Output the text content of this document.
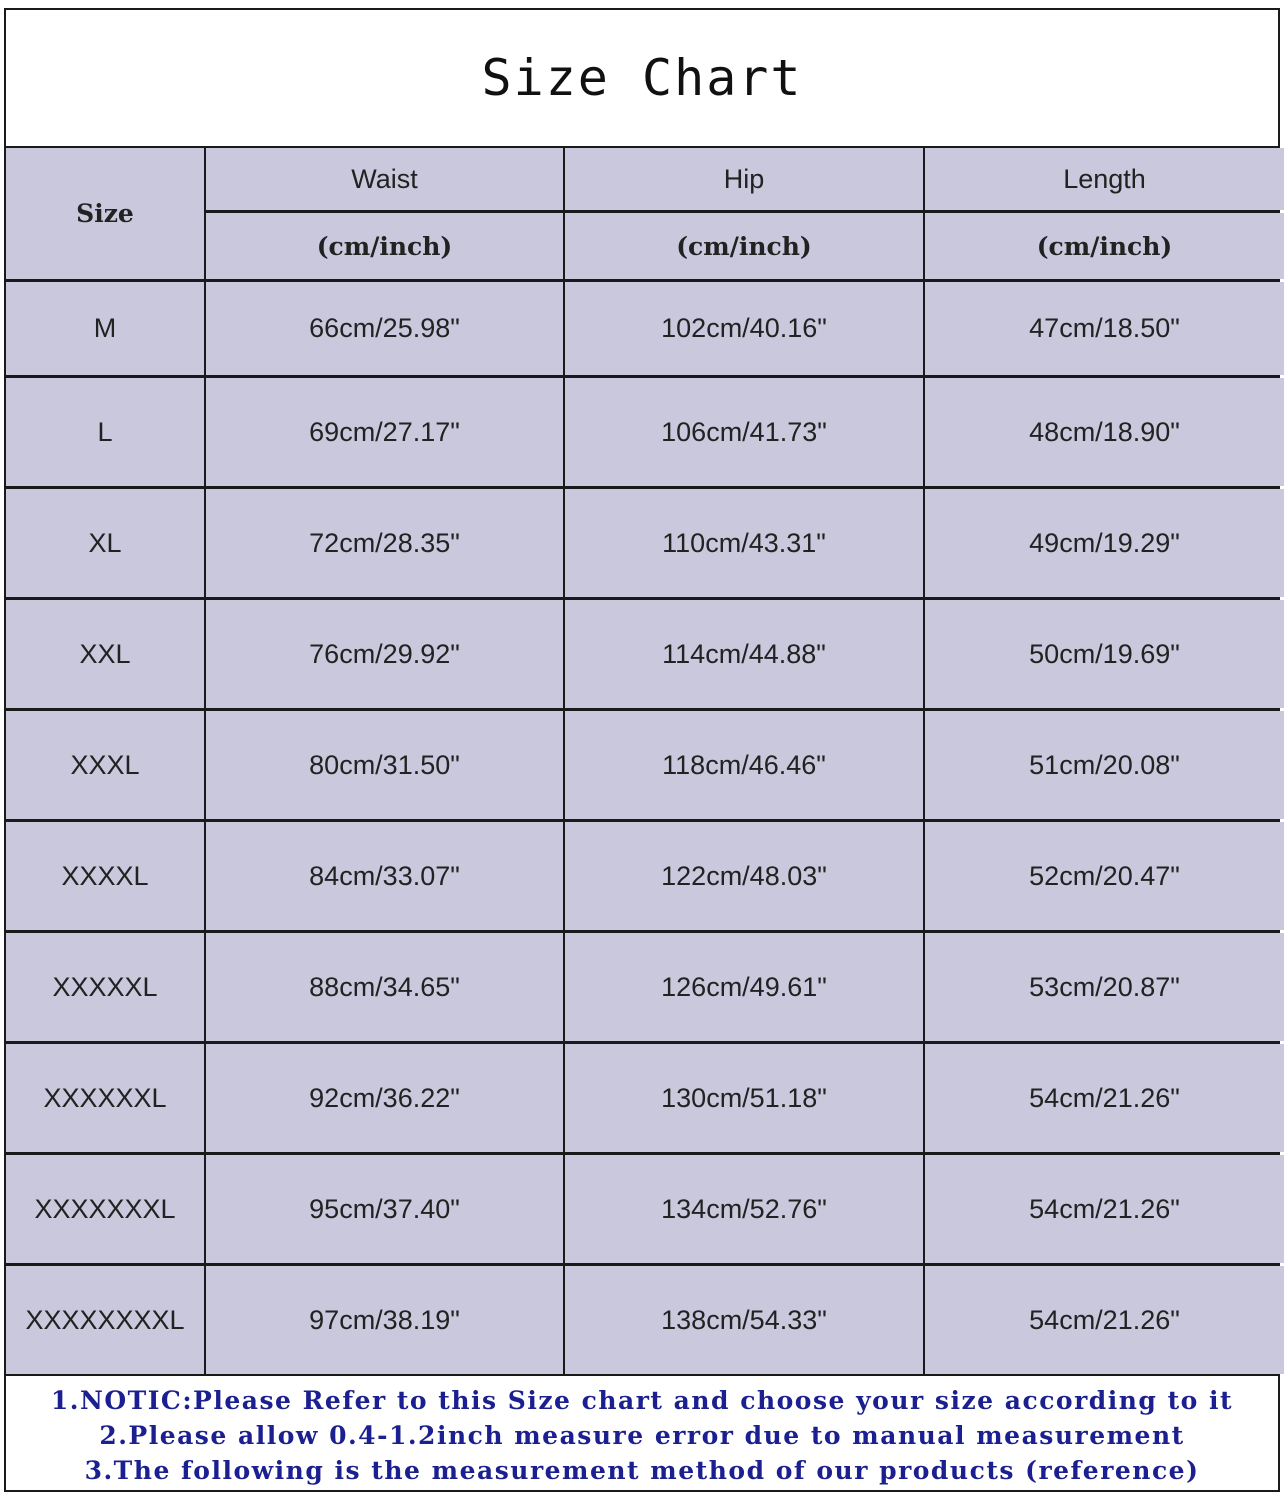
Size Chart
Size
Waist	Hip	Length
(cm/inch)	(cm/inch)	(cm/inch)
M	66cm/25.98"	102cm/40.16"	47cm/18.50"
L	69cm/27.17"	106cm/41.73"	48cm/18.90"
XL	72cm/28.35"	110cm/43.31"	49cm/19.29"
XXL	76cm/29.92"	114cm/44.88"	50cm/19.69"
XXXL	80cm/31.50"	118cm/46.46"	51cm/20.08"
XXXXL	84cm/33.07"	122cm/48.03"	52cm/20.47"
XXXXXL	88cm/34.65"	126cm/49.61"	53cm/20.87"
XXXXXXL	92cm/36.22"	130cm/51.18"	54cm/21.26"
XXXXXXXL	95cm/37.40"	134cm/52.76"	54cm/21.26"
XXXXXXXXL	97cm/38.19"	138cm/54.33"	54cm/21.26"
1.NOTIC:Please Refer to this Size chart and choose your size according to it
2.Please allow 0.4-1.2inch measure error due to manual measurement
3.The following is the measurement method of our products (reference)
